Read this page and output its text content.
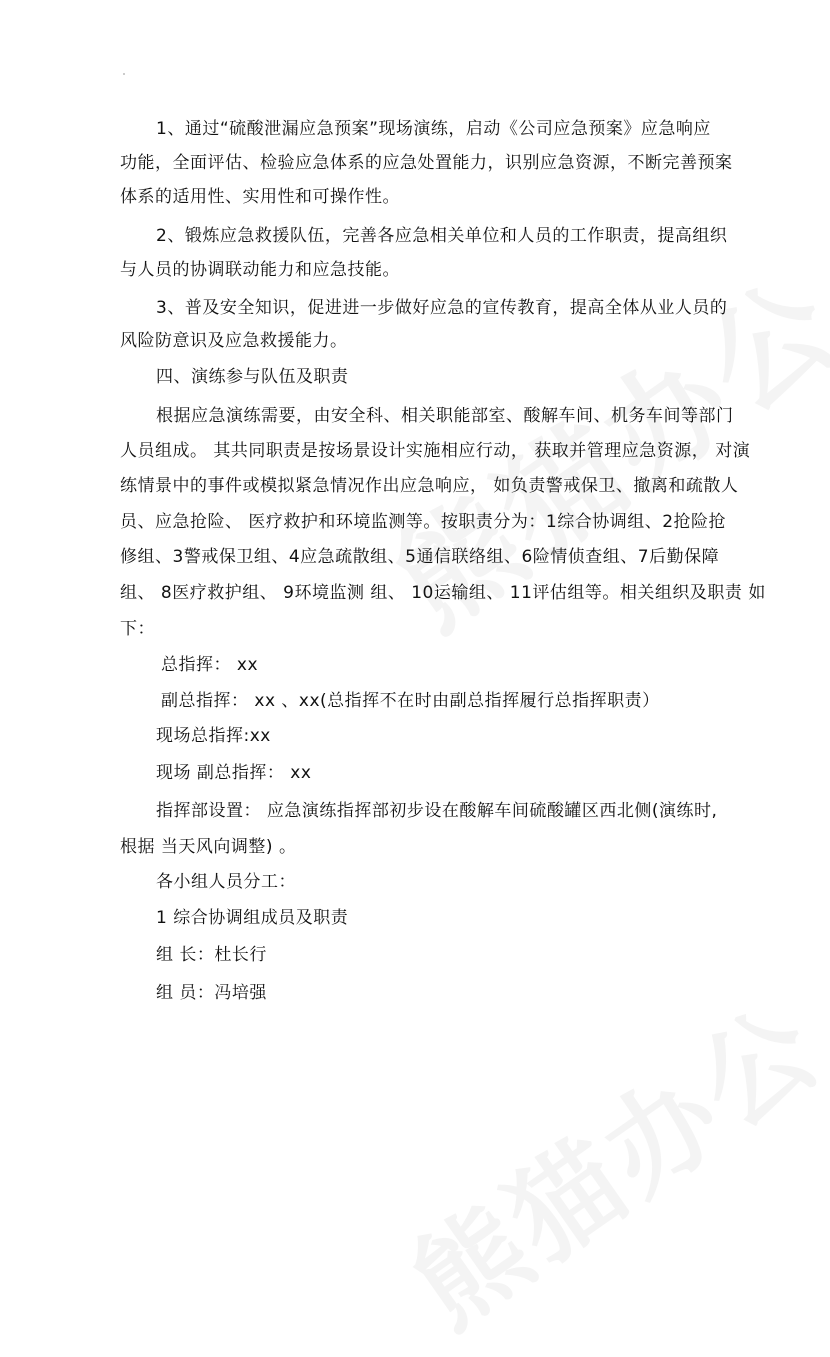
1、通过“硫酸泄漏应急预案”现场演练，启动《公司应急预案》应急响应
功能，全面评估、检验应急体系的应急处置能力，识别应急资源，不断完善预案
体系的适用性、实用性和可操作性。
2、锻炼应急救援队伍，完善各应急相关单位和人员的工作职责，提高组织
与人员的协调联动能力和应急技能。
3、普及安全知识，促进进一步做好应急的宣传教育，提高全体从业人员的
风险防意识及应急救援能力。
四、演练参与队伍及职责
根据应急演练需要，由安全科、相关职能部室、酸解车间、机务车间等部门
人员组成。 其共同职责是按场景设计实施相应行动， 获取并管理应急资源， 对演
练情景中的事件或模拟紧急情况作出应急响应， 如负责警戒保卫、撤离和疏散人
员、应急抢险、 医疗救护和环境监测等。按职责分为：1综合协调组、2抢险抢
修组、3警戒保卫组、4应急疏散组、5通信联络组、6险情侦查组、7后勤保障
组、 8医疗救护组、 9环境监测 组、 10运输组、 11评估组等。相关组织及职责 如
下：
总指挥： xx
副总指挥： xx 、xx(总指挥不在时由副总指挥履行总指挥职责）
现场总指挥:xx
现场 副总指挥： xx
指挥部设置： 应急演练指挥部初步设在酸解车间硫酸罐区西北侧(演练时,
根据 当天风向调整) 。
各小组人员分工：
1 综合协调组成员及职责
组 长：杜长行
组 员：冯培强
